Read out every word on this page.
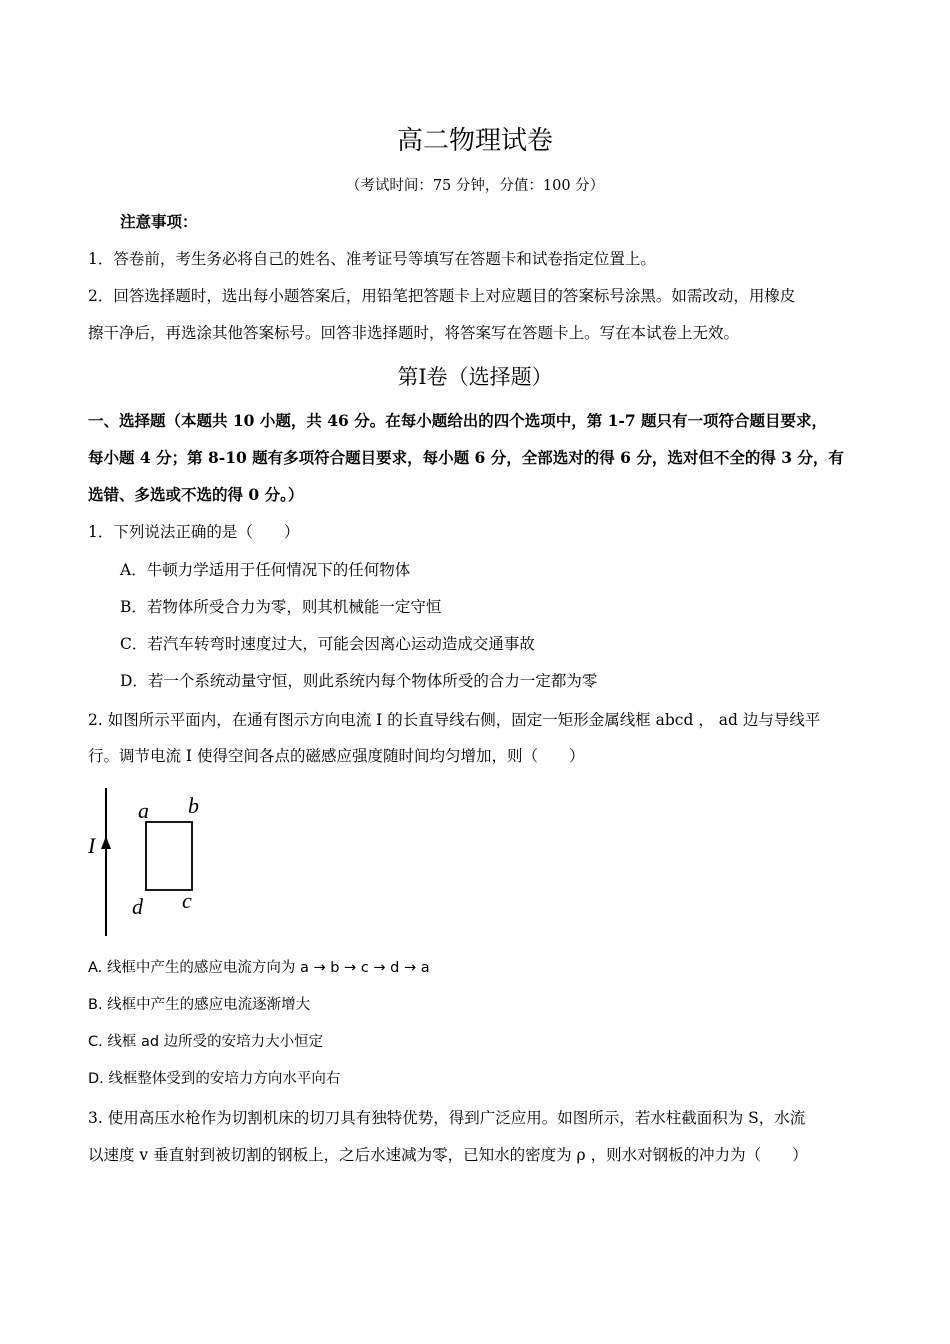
高二物理试卷
（考试时间：75 分钟，分值：100 分）
注意事项：
1．答卷前，考生务必将自己的姓名、准考证号等填写在答题卡和试卷指定位置上。
2．回答选择题时，选出每小题答案后，用铅笔把答题卡上对应题目的答案标号涂黑。如需改动，用橡皮
擦干净后，再选涂其他答案标号。回答非选择题时，将答案写在答题卡上。写在本试卷上无效。
第Ⅰ卷（选择题）
一、选择题（本题共 10 小题，共 46 分。在每小题给出的四个选项中，第 1-7 题只有一项符合题目要求，
每小题 4 分；第 8-10 题有多项符合题目要求，每小题 6 分，全部选对的得 6 分，选对但不全的得 3 分，有
选错、多选或不选的得 0 分。）
1．下列说法正确的是（　　）
A．牛顿力学适用于任何情况下的任何物体
B．若物体所受合力为零，则其机械能一定守恒
C．若汽车转弯时速度过大，可能会因离心运动造成交通事故
D．若一个系统动量守恒，则此系统内每个物体所受的合力一定都为零
2. 如图所示平面内，在通有图示方向电流 I 的长直导线右侧，固定一矩形金属线框 abcd ， ad 边与导线平
行。调节电流 I 使得空间各点的磁感应强度随时间均匀增加，则（　　）
I
a b
c
d
A. 线框中产生的感应电流方向为 a → b → c → d → a
B. 线框中产生的感应电流逐渐增大
C. 线框 ad 边所受的安培力大小恒定
D. 线框整体受到的安培力方向水平向右
3. 使用高压水枪作为切割机床的切刀具有独特优势，得到广泛应用。如图所示，若水柱截面积为 S，水流
以速度 v 垂直射到被切割的钢板上，之后水速减为零，已知水的密度为 ρ ，则水对钢板的冲力为（　　）
